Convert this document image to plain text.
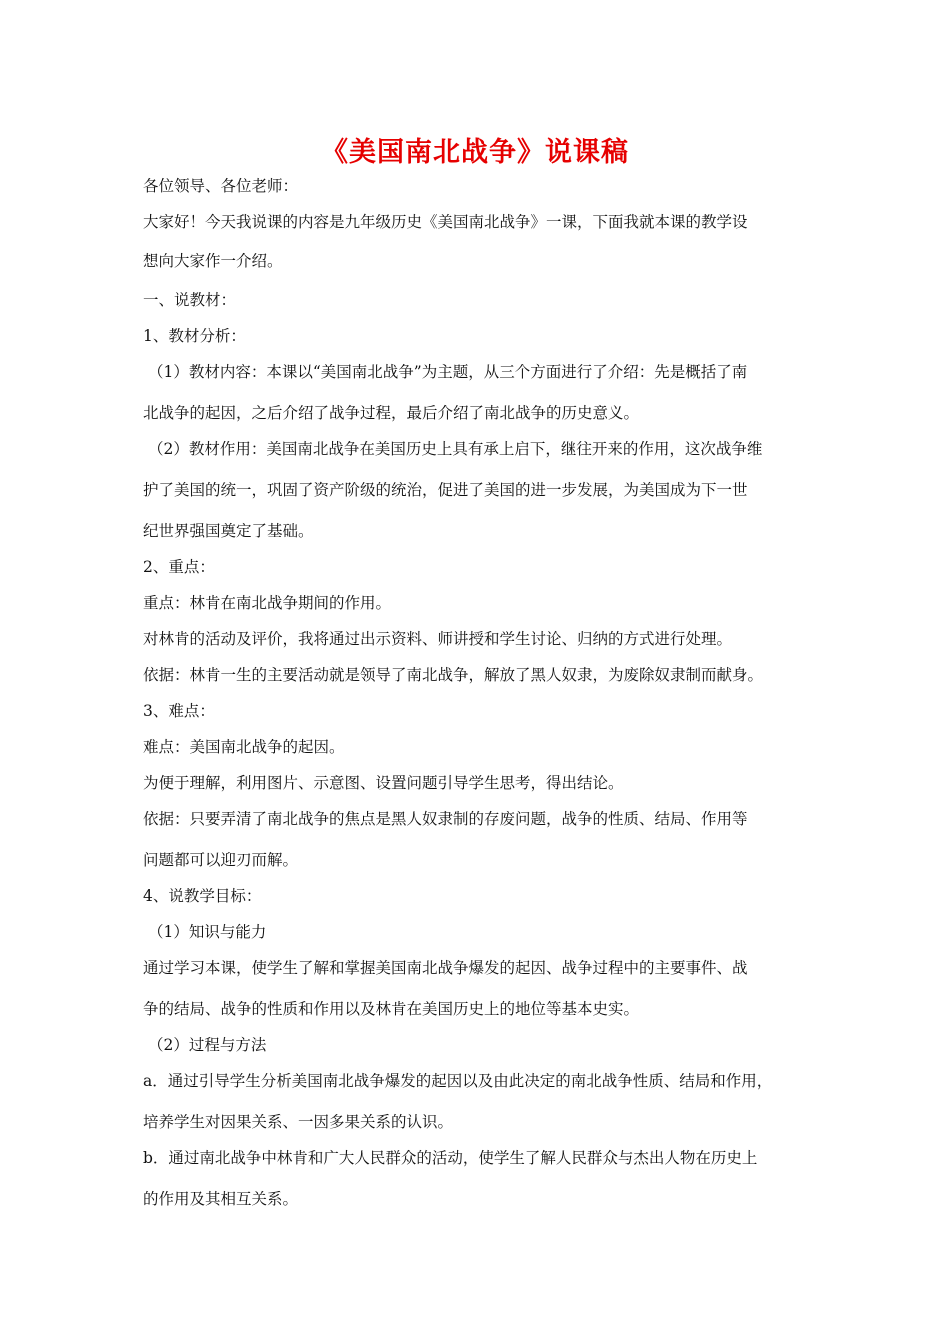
《美国南北战争》说课稿
各位领导、各位老师：
大家好！今天我说课的内容是九年级历史《美国南北战争》一课，下面我就本课的教学设
想向大家作一介绍。
一、说教材：
1、教材分析：
（1）教材内容：本课以“美国南北战争”为主题，从三个方面进行了介绍：先是概括了南
北战争的起因，之后介绍了战争过程，最后介绍了南北战争的历史意义。
（2）教材作用：美国南北战争在美国历史上具有承上启下，继往开来的作用，这次战争维
护了美国的统一，巩固了资产阶级的统治，促进了美国的进一步发展，为美国成为下一世
纪世界强国奠定了基础。
2、重点：
重点：林肯在南北战争期间的作用。
对林肯的活动及评价，我将通过出示资料、师讲授和学生讨论、归纳的方式进行处理。
依据：林肯一生的主要活动就是领导了南北战争，解放了黑人奴隶，为废除奴隶制而献身。
3、难点：
难点：美国南北战争的起因。
为便于理解，利用图片、示意图、设置问题引导学生思考，得出结论。
依据：只要弄清了南北战争的焦点是黑人奴隶制的存废问题，战争的性质、结局、作用等
问题都可以迎刃而解。
4、说教学目标：
（1）知识与能力
通过学习本课，使学生了解和掌握美国南北战争爆发的起因、战争过程中的主要事件、战
争的结局、战争的性质和作用以及林肯在美国历史上的地位等基本史实。
（2）过程与方法
a．通过引导学生分析美国南北战争爆发的起因以及由此决定的南北战争性质、结局和作用，
培养学生对因果关系、一因多果关系的认识。
b．通过南北战争中林肯和广大人民群众的活动，使学生了解人民群众与杰出人物在历史上
的作用及其相互关系。
